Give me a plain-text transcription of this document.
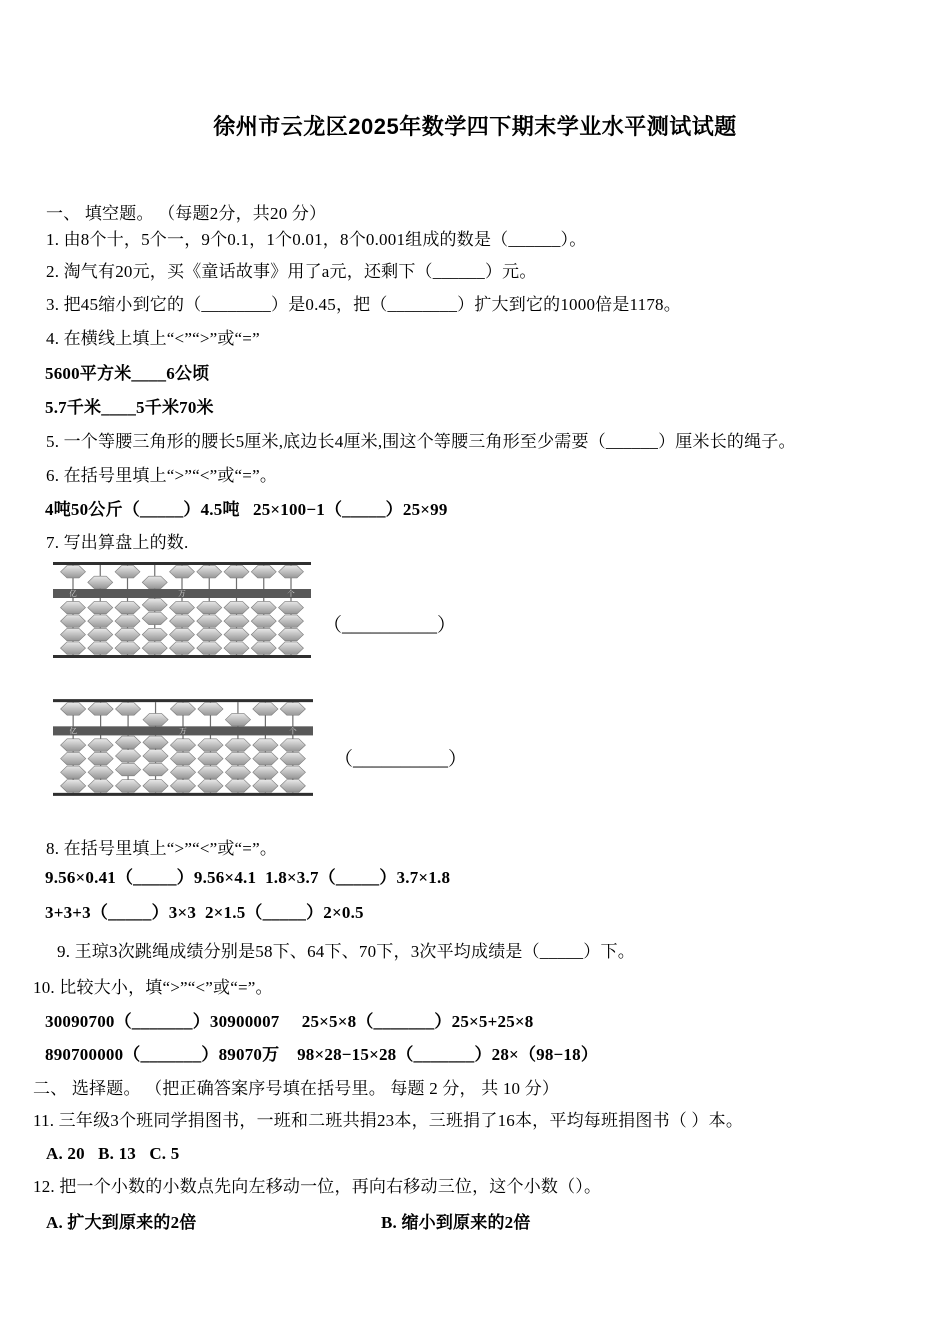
徐州市云龙区2025年数学四下期末学业水平测试试题
一、 填空题。 （每题2分，共20 分）
1. 由8个十，5个一，9个0.1，1个0.01，8个0.001组成的数是（______）。
2. 淘气有20元，买《童话故事》用了a元，还剩下（______）元。
3. 把45缩小到它的（________）是0.45，把（________）扩大到它的1000倍是1178。
4. 在横线上填上“<”“>”或“=”
5600平方米____6公顷
5.7千米____5千米70米
5. 一个等腰三角形的腰长5厘米,底边长4厘米,围这个等腰三角形至少需要（______）厘米长的绳子。
6. 在括号里填上“>”“<”或“=”。
4吨50公斤（_____）4.5吨   25×100−1（_____）25×99
7. 写出算盘上的数.
亿	万	个
（__________）
亿	万	个
（__________）
8. 在括号里填上“>”“<”或“=”。
9.56×0.41（_____）9.56×4.1  1.8×3.7（_____）3.7×1.8
3+3+3（_____）3×3  2×1.5（_____）2×0.5
9. 王琼3次跳绳成绩分别是58下、64下、70下，3次平均成绩是（_____）下。
10. 比较大小，填“>”“<”或“=”。
30090700（_______）30900007     25×5×8（_______）25×5+25×8
890700000（_______）89070万    98×28−15×28（_______）28×（98−18）
二、 选择题。 （把正确答案序号填在括号里。 每题 2 分， 共 10 分）
11. 三年级3个班同学捐图书，一班和二班共捐23本，三班捐了16本，平均每班捐图书（ ）本。
A. 20   B. 13   C. 5
12. 把一个小数的小数点先向左移动一位，再向右移动三位，这个小数（）。
A. 扩大到原来的2倍	B. 缩小到原来的2倍
